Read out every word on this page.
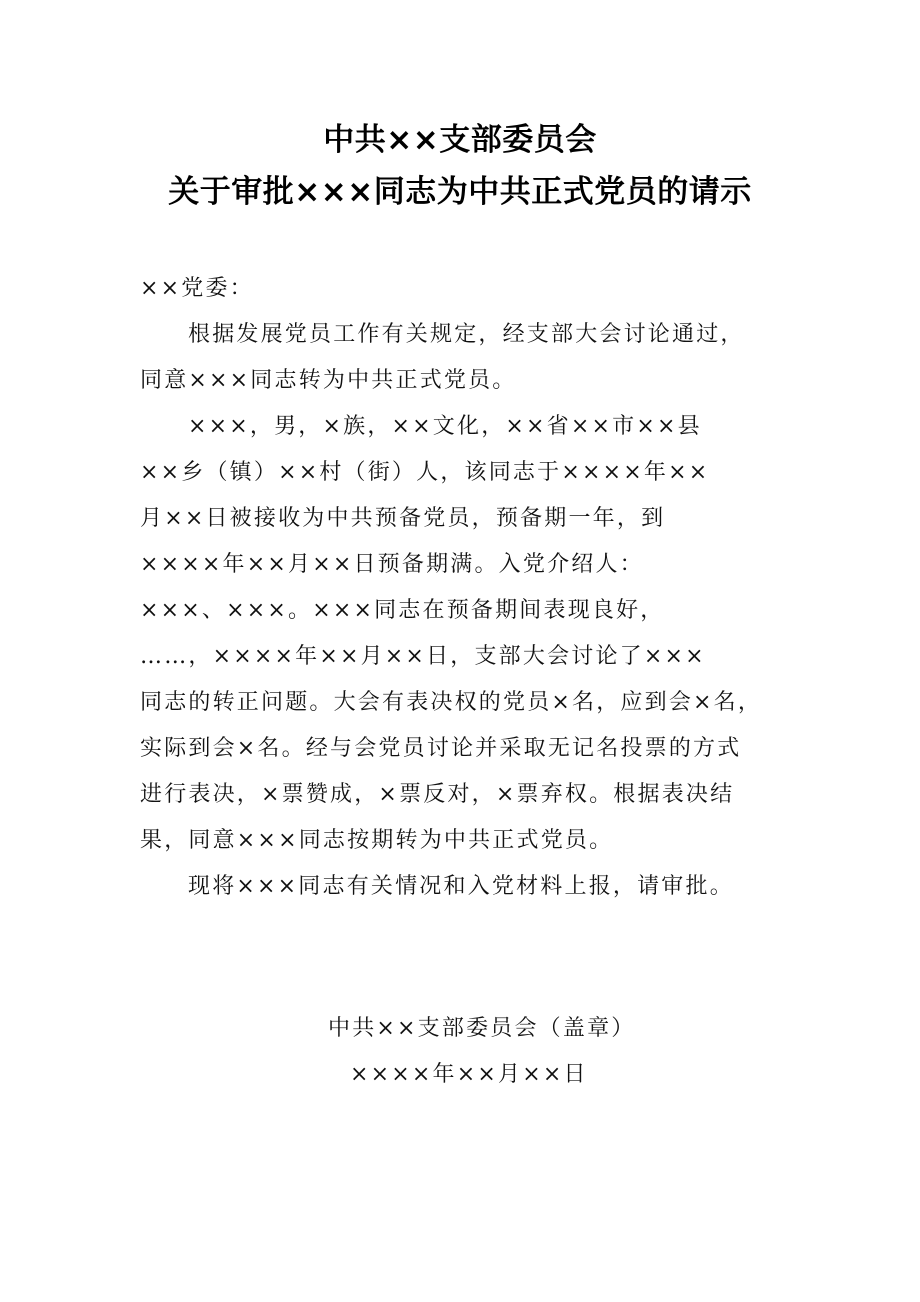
中共××支部委员会
关于审批×××同志为中共正式党员的请示
××党委：
根据发展党员工作有关规定，经支部大会讨论通过，
同意×××同志转为中共正式党员。
×××，男，×族，××文化，××省××市××县
××乡（镇）××村（街）人，该同志于××××年××
月××日被接收为中共预备党员，预备期一年，到
××××年××月××日预备期满。入党介绍人：
×××、×××。×××同志在预备期间表现良好，
……，××××年××月××日，支部大会讨论了×××
同志的转正问题。大会有表决权的党员×名，应到会×名，
实际到会×名。经与会党员讨论并采取无记名投票的方式
进行表决，×票赞成，×票反对，×票弃权。根据表决结
果，同意×××同志按期转为中共正式党员。
现将×××同志有关情况和入党材料上报，请审批。
中共××支部委员会（盖章）
××××年××月××日
